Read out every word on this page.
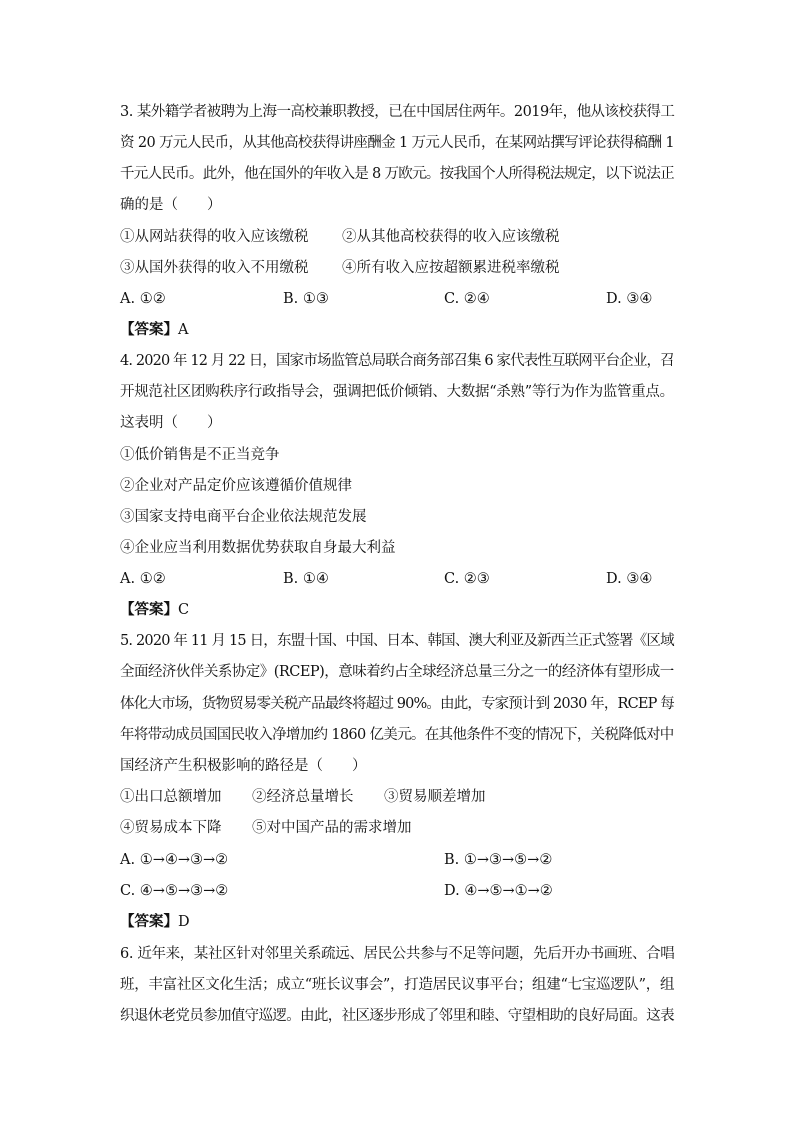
3. 某外籍学者被聘为上海一高校兼职教授，已在中国居住两年。2019年，他从该校获得工
资 20 万元人民币，从其他高校获得讲座酬金 1 万元人民币，在某网站撰写评论获得稿酬 1
千元人民币。此外，他在国外的年收入是 8 万欧元。按我国个人所得税法规定，以下说法正
确的是（　　）
①从网站获得的收入应该缴税 ②从其他高校获得的收入应该缴税
③从国外获得的收入不用缴税 ④所有收入应按超额累进税率缴税
A. ①②	B. ①③	C. ②④	D. ③④
【答案】A
4. 2020 年 12 月 22 日，国家市场监管总局联合商务部召集 6 家代表性互联网平台企业，召
开规范社区团购秩序行政指导会，强调把低价倾销、大数据“杀熟”等行为作为监管重点。
这表明（　　）
①低价销售是不正当竞争
②企业对产品定价应该遵循价值规律
③国家支持电商平台企业依法规范发展
④企业应当利用数据优势获取自身最大利益
A. ①②	B. ①④	C. ②③	D. ③④
【答案】C
5. 2020 年 11 月 15 日，东盟十国、中国、日本、韩国、澳大利亚及新西兰正式签署《区域
全面经济伙伴关系协定》(RCEP)，意味着约占全球经济总量三分之一的经济体有望形成一
体化大市场，货物贸易零关税产品最终将超过 90%。由此，专家预计到 2030 年，RCEP 每
年将带动成员国国民收入净增加约 1860 亿美元。在其他条件不变的情况下，关税降低对中
国经济产生积极影响的路径是（　　）
①出口总额增加 ②经济总量增长 ③贸易顺差增加
④贸易成本下降 ⑤对中国产品的需求增加
A. ①→④→③→②	B. ①→③→⑤→②
C. ④→⑤→③→②	D. ④→⑤→①→②
【答案】D
6. 近年来，某社区针对邻里关系疏远、居民公共参与不足等问题，先后开办书画班、合唱
班，丰富社区文化生活；成立“班长议事会”，打造居民议事平台；组建“七宝巡逻队”，组
织退休老党员参加值守巡逻。由此，社区逐步形成了邻里和睦、守望相助的良好局面。这表
